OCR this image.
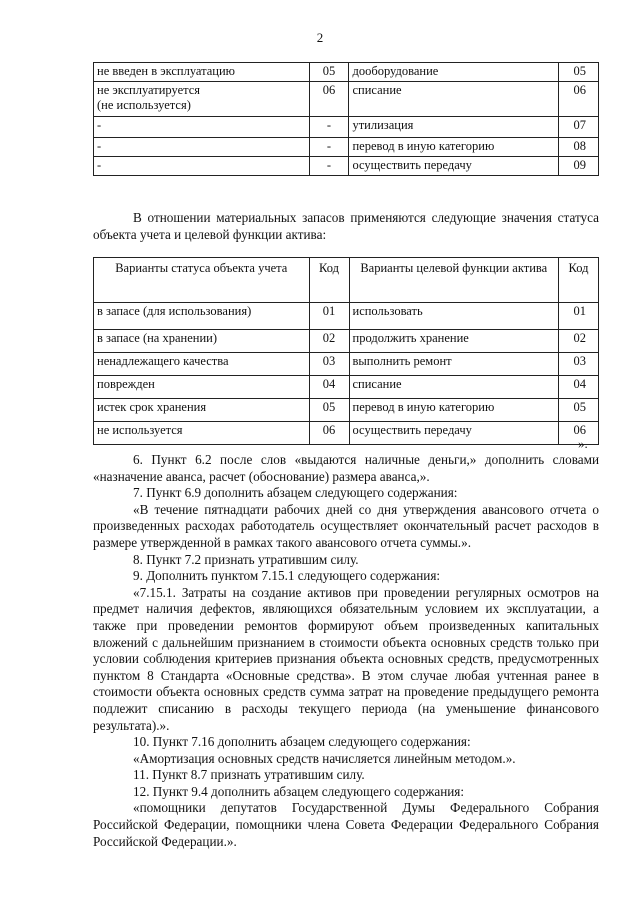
2
не введен в эксплуатацию	05	дооборудование	05
не эксплуатируется
(не используется)	06	списание	06
-	-	утилизация	07
-	-	перевод в иную категорию	08
-	-	осуществить передачу	09

В отношении материальных запасов применяются следующие значения статуса объекта учета и целевой функции актива:

Варианты статуса объекта учета	Код	Варианты целевой функции актива	Код
в запасе (для использования)	01	использовать	01
в запасе (на хранении)	02	продолжить хранение	02
ненадлежащего качества	03	выполнить ремонт	03
поврежден	04	списание	04
истек срок хранения	05	перевод в иную категорию	05
не используется	06	осуществить передачу	06
».

6. Пункт 6.2 после слов «выдаются наличные деньги,» дополнить словами «назначение аванса, расчет (обоснование) размера аванса,».

7. Пункт 6.9 дополнить абзацем следующего содержания:

«В течение пятнадцати рабочих дней со дня утверждения авансового отчета о произведенных расходах работодатель осуществляет окончательный расчет расходов в размере утвержденной в рамках такого авансового отчета суммы.».

8. Пункт 7.2 признать утратившим силу.

9. Дополнить пунктом 7.15.1 следующего содержания:

«7.15.1. Затраты на создание активов при проведении регулярных осмотров на предмет наличия дефектов, являющихся обязательным условием их эксплуатации, а также при проведении ремонтов формируют объем произведенных капитальных вложений с дальнейшим признанием в стоимости объекта основных средств только при условии соблюдения критериев признания объекта основных средств, предусмотренных пунктом 8 Стандарта «Основные средства». В этом случае любая учтенная ранее в стоимости объекта основных средств сумма затрат на проведение предыдущего ремонта подлежит списанию в расходы текущего периода (на уменьшение финансового результата).».

10. Пункт 7.16 дополнить абзацем следующего содержания:

«Амортизация основных средств начисляется линейным методом.».

11. Пункт 8.7 признать утратившим силу.

12. Пункт 9.4 дополнить абзацем следующего содержания:

«помощники депутатов Государственной Думы Федерального Собрания Российской Федерации, помощники члена Совета Федерации Федерального Собрания Российской Федерации.».
